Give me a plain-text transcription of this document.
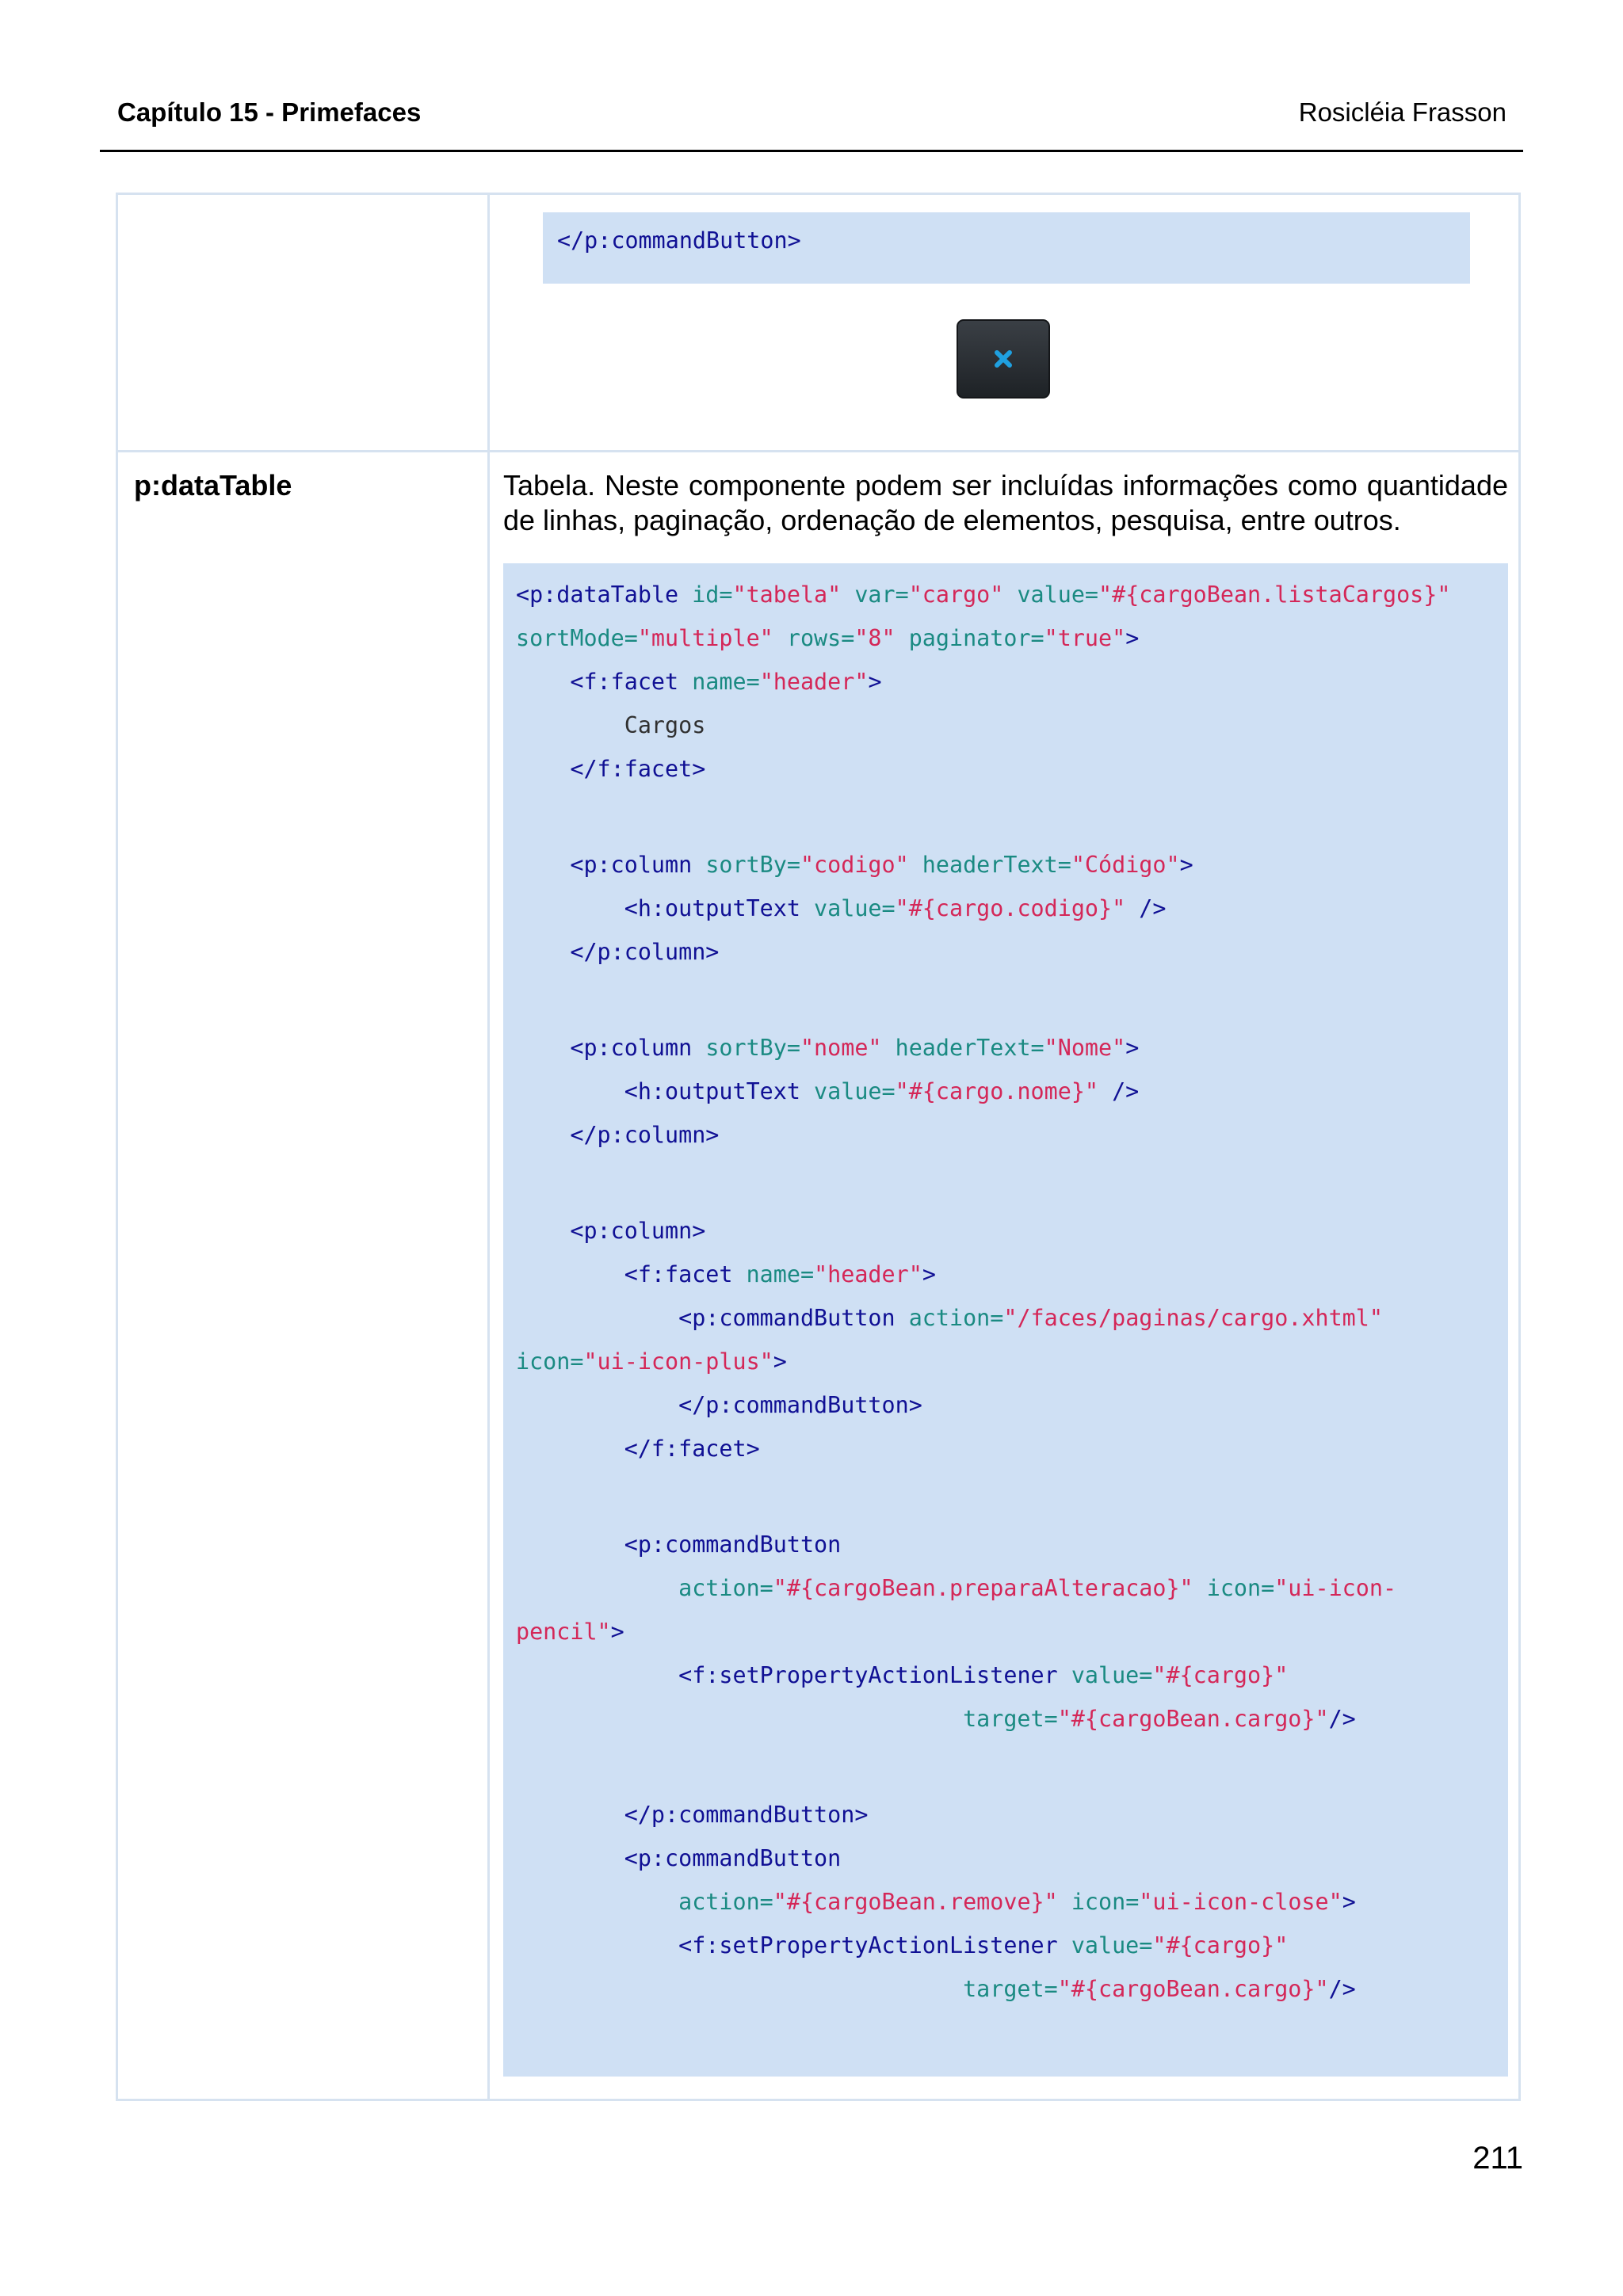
Capítulo 15 - Primefaces	Rosicléia Frasson
</p:commandButton>
p:dataTable	Tabela. Neste componente podem ser incluídas informações como quantidade de linhas, paginação, ordenação de elementos, pesquisa, entre outros.

<p:dataTable id="tabela" var="cargo" value="#{cargoBean.listaCargos}"
sortMode="multiple" rows="8" paginator="true">
<f:facet name="header">
Cargos
</f:facet>

<p:column sortBy="codigo" headerText="Código">
<h:outputText value="#{cargo.codigo}" />
</p:column>

<p:column sortBy="nome" headerText="Nome">
<h:outputText value="#{cargo.nome}" />
</p:column>

<p:column>
<f:facet name="header">
<p:commandButton action="/faces/paginas/cargo.xhtml"
icon="ui-icon-plus">
</p:commandButton>
</f:facet>

<p:commandButton
action="#{cargoBean.preparaAlteracao}" icon="ui-icon-
pencil">
<f:setPropertyActionListener value="#{cargo}"
target="#{cargoBean.cargo}"/>

</p:commandButton>
<p:commandButton
action="#{cargoBean.remove}" icon="ui-icon-close">
<f:setPropertyActionListener value="#{cargo}"
target="#{cargoBean.cargo}"/>
211
